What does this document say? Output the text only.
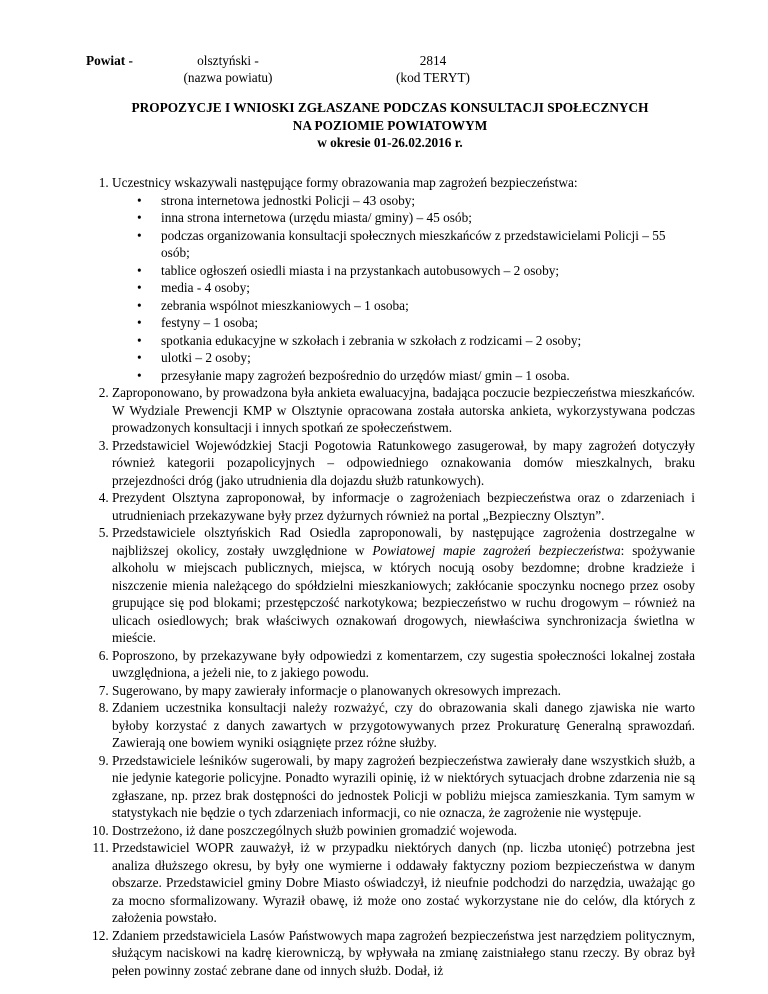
Powiat -	olsztyński -
(nazwa powiatu)
2814
(kod TERYT)
PROPOZYCJE I WNIOSKI ZGŁASZANE PODCZAS KONSULTACJI SPOŁECZNYCH
NA POZIOMIE POWIATOWYM
w okresie 01-26.02.2016 r.
1. Uczestnicy wskazywali następujące formy obrazowania map zagrożeń bezpieczeństwa:
•
strona internetowa jednostki Policji – 43 osoby;
•
inna strona internetowa (urzędu miasta/ gminy) – 45 osób;
•
podczas organizowania konsultacji społecznych mieszkańców z przedstawicielami Policji – 55 osób;
•
tablice ogłoszeń osiedli miasta i na przystankach autobusowych – 2 osoby;
•
media - 4 osoby;
•
zebrania wspólnot mieszkaniowych – 1 osoba;
•
festyny – 1 osoba;
•
spotkania edukacyjne w szkołach i zebrania w szkołach z rodzicami – 2 osoby;
•
ulotki – 2 osoby;
•
przesyłanie mapy zagrożeń bezpośrednio do urzędów miast/ gmin – 1 osoba.
2. Zaproponowano, by prowadzona była ankieta ewaluacyjna, badająca poczucie bezpieczeństwa mieszkańców. W Wydziale Prewencji KMP w Olsztynie opracowana została autorska ankieta, wykorzystywana podczas prowadzonych konsultacji i innych spotkań ze społeczeństwem.
3. Przedstawiciel Wojewódzkiej Stacji Pogotowia Ratunkowego zasugerował, by mapy zagrożeń dotyczyły również kategorii pozapolicyjnych – odpowiedniego oznakowania domów mieszkalnych, braku przejezdności dróg (jako utrudnienia dla dojazdu służb ratunkowych).
4. Prezydent Olsztyna zaproponował, by informacje o zagrożeniach bezpieczeństwa oraz o zdarzeniach i utrudnieniach przekazywane były przez dyżurnych również na portal „Bezpieczny Olsztyn”.
5. Przedstawiciele olsztyńskich Rad Osiedla zaproponowali, by następujące zagrożenia dostrzegalne w najbliższej okolicy, zostały uwzględnione w Powiatowej mapie zagrożeń bezpieczeństwa: spożywanie alkoholu w miejscach publicznych, miejsca, w których nocują osoby bezdomne; drobne kradzieże i niszczenie mienia należącego do spółdzielni mieszkaniowych; zakłócanie spoczynku nocnego przez osoby grupujące się pod blokami; przestępczość narkotykowa; bezpieczeństwo w ruchu drogowym – również na ulicach osiedlowych; brak właściwych oznakowań drogowych, niewłaściwa synchronizacja świetlna w mieście.
6. Poproszono, by przekazywane były odpowiedzi z komentarzem, czy sugestia społeczności lokalnej została uwzględniona, a jeżeli nie, to z jakiego powodu.
7. Sugerowano, by mapy zawierały informacje o planowanych okresowych imprezach.
8. Zdaniem uczestnika konsultacji należy rozważyć, czy do obrazowania skali danego zjawiska nie warto byłoby korzystać z danych zawartych w przygotowywanych przez Prokuraturę Generalną sprawozdań. Zawierają one bowiem wyniki osiągnięte przez różne służby.
9. Przedstawiciele leśników sugerowali, by mapy zagrożeń bezpieczeństwa zawierały dane wszystkich służb, a nie jedynie kategorie policyjne. Ponadto wyrazili opinię, iż w niektórych sytuacjach drobne zdarzenia nie są zgłaszane, np. przez brak dostępności do jednostek Policji w pobliżu miejsca zamieszkania. Tym samym w statystykach nie będzie o tych zdarzeniach informacji, co nie oznacza, że zagrożenie nie występuje.
10. Dostrzeżono, iż dane poszczególnych służb powinien gromadzić wojewoda.
11. Przedstawiciel WOPR zauważył, iż w przypadku niektórych danych (np. liczba utonięć) potrzebna jest analiza dłuższego okresu, by były one wymierne i oddawały faktyczny poziom bezpieczeństwa w danym obszarze. Przedstawiciel gminy Dobre Miasto oświadczył, iż nieufnie podchodzi do narzędzia, uważając go za mocno sformalizowany. Wyraził obawę, iż może ono zostać wykorzystane nie do celów, dla których z założenia powstało.
12. Zdaniem przedstawiciela Lasów Państwowych mapa zagrożeń bezpieczeństwa jest narzędziem politycznym, służącym naciskowi na kadrę kierowniczą, by wpływała na zmianę zaistniałego stanu rzeczy. By obraz był pełen powinny zostać zebrane dane od innych służb. Dodał, iż
